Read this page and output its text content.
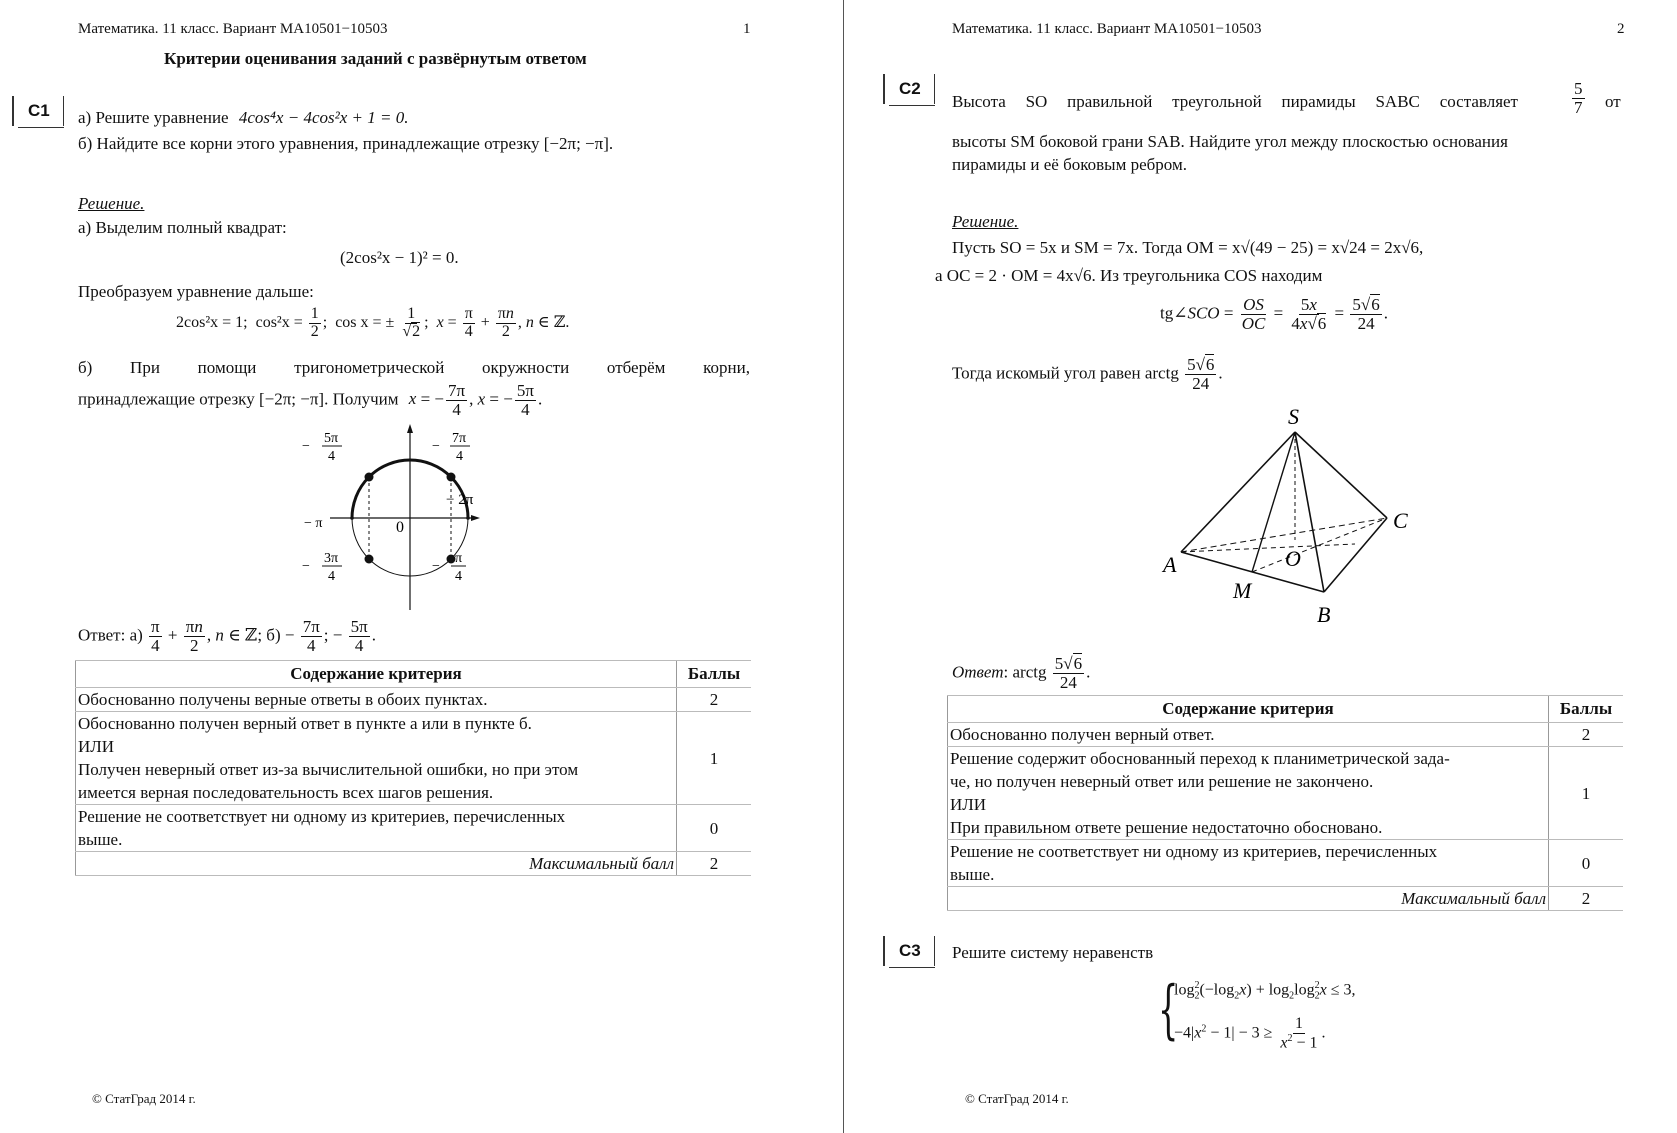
Математика. 11 класс. Вариант МА10501−10503	1
Критерии оценивания заданий с развёрнутым ответом
С1 а) Решите уравнение 4cos⁴x − 4cos²x + 1 = 0.
б) Найдите все корни этого уравнения, принадлежащие отрезку [−2π; −π].
Решение.
а) Выделим полный квадрат:
(2cos²x − 1)² = 0.
Преобразуем уравнение дальше:
2cos²x = 1;  $\cos^2x = \frac{1}{2}$ ;  cos x = ± $\frac{1}{√2}$ ;  $x = \frac{\pi}{4} + \frac{\pi n}{2}$ , n ∈ ℤ.
б) При помощи тригонометрической окружности отберём корни,
принадлежащие отрезку [−2π; −π]. Получим x = − $\frac{7\pi}{4}$ , x = − $\frac{5\pi}{4}$ .
0
− π
− 2π
−
5π
4
−
7π
4
−
3π
4
−
π
4
Ответ: $а) \frac{\pi}{4} + \frac{\pi n}{2}$ , n ∈ ℤ; $б) - \frac{7\pi}{4}$ ; − $\frac{5\pi}{4}$ .
Содержание критерия	Баллы
Обоснованно получены верные ответы в обоих пунктах.	2

Обоснованно получен верный ответ в пункте а или в пункте б.
ИЛИ
Получен неверный ответ из-за вычислительной ошибки, но при этом
имеется верная последовательность всех шагов решения.	1

Решение не соответствует ни одному из критериев, перечисленных
выше.	0
Максимальный балл	2
© СтатГрад 2014 г.
Математика. 11 класс. Вариант МА10501−10503	2
С2
Высота SO правильной треугольной пирамиды SABC составляет	$\frac{5}{7}$ от
высоты SM боковой грани SAB. Найдите угол между плоскостью основания
пирамиды и её боковым ребром.
Решение.
Пусть SO = 5x и SM = 7x. Тогда OM = x√(49 − 25) = x√24 = 2x√6,
а OC = 2 · OM = 4x√6. Из треугольника COS находим
tg∠SCO = $\frac{OS}{OC} = \frac{5x}{4x√6} = \frac{5√6}{24}$ .
Тогда искомый угол равен arctg $\frac{5√6}{24}$ .
S
A
B
C
O
M
Ответ: arctg $\frac{5√6}{24}$ .
Содержание критерия	Баллы
Обоснованно получен верный ответ.	2

Решение содержит обоснованный переход к планиметрической зада-
че, но получен неверный ответ или решение не закончено.
ИЛИ
При правильном ответе решение недостаточно обосновано.	1

Решение не соответствует ни одному из критериев, перечисленных
выше.	0
Максимальный балл	2
С3 Решите систему неравенств
{
$\log_2^2(-\log_2x) + \log_2\log_2^2x \le 3$,
$-4|x^2 - 1| - 3 \ge \frac{1}{x^2 - 1}$ .
© СтатГрад 2014 г.
